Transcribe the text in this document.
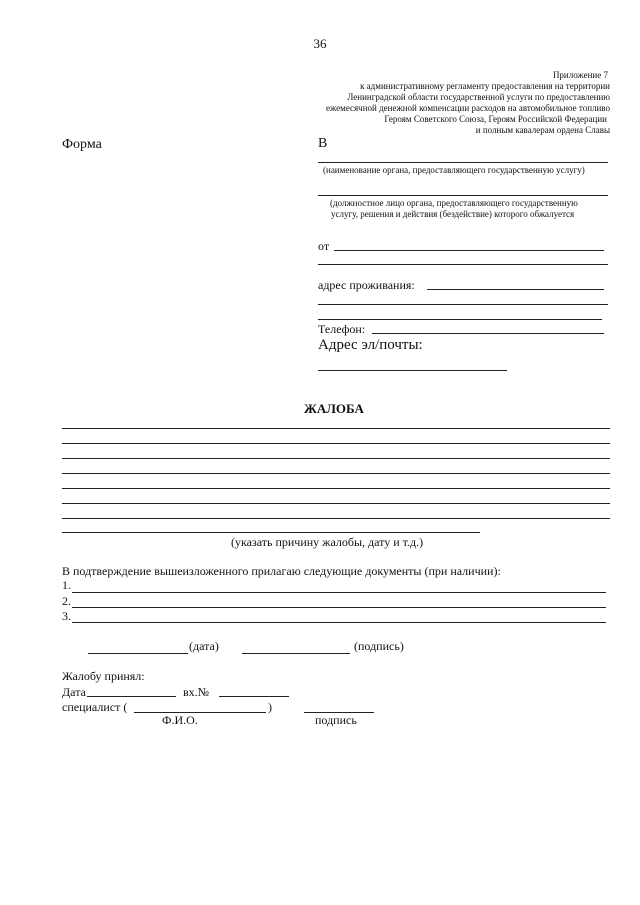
36
Приложение 7
к административному регламенту предоставления на территории
Ленинградской области государственной услуги по предоставлению
ежемесячной денежной компенсации расходов на автомобильное топливо
Героям Советского Союза, Героям Российской Федерации
и полным кавалерам ордена Славы
Форма	В
(наименование органа, предоставляющего государственную услугу)
(должностное лицо органа, предоставляющего государственную
услугу, решения и действия (бездействие) которого обжалуется
от
адрес проживания:
Телефон:
Адрес эл/почты:
ЖАЛОБА
(указать причину жалобы, дату и т.д.)
В подтверждение вышеизложенного прилагаю следующие документы (при наличии):
1.
2.
3.
(дата)	(подпись)
Жалобу принял:
Дата	вх.№
специалист (	)
Ф.И.О.	подпись
